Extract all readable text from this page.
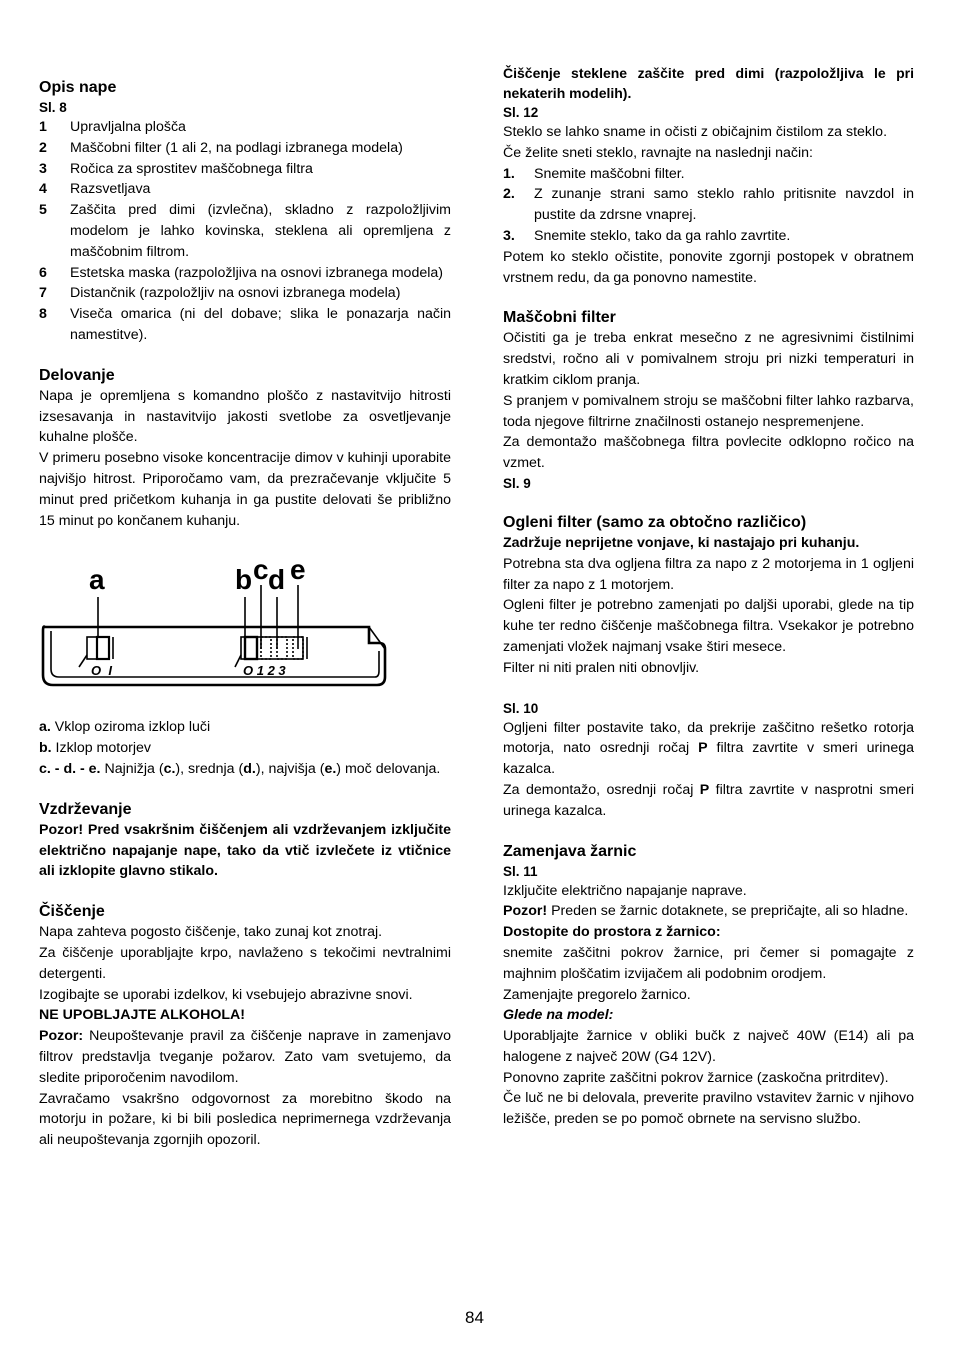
Opis nape
Sl. 8
1	Upravljalna plošča
2	Maščobni filter (1 ali 2, na podlagi izbranega modela)
3	Ročica za sprostitev maščobnega filtra
4	Razsvetljava
5	Zaščita pred dimi (izvlečna), skladno z razpoložljivim modelom je lahko kovinska, steklena ali opremljena z maščobnim filtrom.
6	Estetska maska (razpoložljiva na osnovi izbranega modela)
7	Distančnik (razpoložljiv na osnovi izbranega modela)
8	Viseča omarica (ni del dobave; slika le ponazarja način namestitve).
Delovanje

Napa je opremljena s komandno ploščo z nastavitvijo hitrosti izsesavanja in nastavitvijo jakosti svetlobe za osvetljevanje kuhalne plošče.

V primeru posebno visoke koncentracije dimov v kuhinji uporabite najvišjo hitrost. Priporočamo vam, da prezračevanje vključite 5 minut pred pričetkom kuhanja in ga pustite delovati še približno 15 minut po končanem kuhanju.

a	b c d e
O  I	O 1 2 3

a. Vklop oziroma izklop luči

b. Izklop motorjev

c. - d. - e. Najnižja (c.), srednja (d.), najvišja (e.) moč delovanja.

Vzdrževanje

Pozor! Pred vsakršnim čiščenjem ali vzdrževanjem izključite električno napajanje nape, tako da vtič izvlečete iz vtičnice ali izklopite glavno stikalo.

Čiščenje

Napa zahteva pogosto čiščenje, tako zunaj kot znotraj.

Za čiščenje uporabljajte krpo, navlaženo s tekočimi nevtralnimi detergenti.

Izogibajte se uporabi izdelkov, ki vsebujejo abrazivne snovi.

NE UPOBLJAJTE ALKOHOLA!

Pozor: Neupoštevanje pravil za čiščenje naprave in zamenjavo filtrov predstavlja tveganje požarov. Zato vam svetujemo, da sledite priporočenim navodilom.

Zavračamo vsakršno odgovornost za morebitno škodo na motorju in požare, ki bi bili posledica neprimernega vzdrževanja ali neupoštevanja zgornjih opozoril.

Čiščenje steklene zaščite pred dimi (razpoložljiva le pri nekaterih modelih).

Sl. 12

Steklo se lahko sname in očisti z običajnim čistilom za steklo.

Če želite sneti steklo, ravnajte na naslednji način:

1.	Snemite maščobni filter.
2.	Z zunanje strani samo steklo rahlo pritisnite navzdol in pustite da zdrsne vnaprej.
3.	Snemite steklo, tako da ga rahlo zavrtite.

Potem ko steklo očistite, ponovite zgornji postopek v obratnem vrstnem redu, da ga ponovno namestite.

Maščobni filter

Očistiti ga je treba enkrat mesečno z ne agresivnimi čistilnimi sredstvi, ročno ali v pomivalnem stroju pri nizki temperaturi in kratkim ciklom pranja.

S pranjem v pomivalnem stroju se maščobni filter lahko razbarva, toda njegove filtrirne značilnosti ostanejo nespremenjene.

Za demontažo maščobnega filtra povlecite odklopno ročico na vzmet.

Sl. 9
Ogleni filter (samo za obtočno različico)

Zadržuje neprijetne vonjave, ki nastajajo pri kuhanju.

Potrebna sta dva ogljena filtra za napo z 2 motorjema in 1 ogljeni filter za napo z 1 motorjem.

Ogleni filter je potrebno zamenjati po daljši uporabi, glede na tip kuhe ter redno čiščenje maščobnega filtra. Vsekakor je potrebno zamenjati vložek najmanj vsake štiri mesece.

Filter ni niti pralen niti obnovljiv.

Sl. 10

Ogljeni filter postavite tako, da prekrije zaščitno rešetko rotorja motorja, nato osrednji ročaj P filtra zavrtite v smeri urinega kazalca.

Za demontažo, osrednji ročaj P filtra zavrtite v nasprotni smeri urinega kazalca.

Zamenjava žarnic
Sl. 11

Izključite električno napajanje naprave.

Pozor! Preden se žarnic dotaknete, se prepričajte, ali so hladne.

Dostopite do prostora z žarnico:

snemite zaščitni pokrov žarnice, pri čemer si pomagajte z majhnim ploščatim izvijačem ali podobnim orodjem.

Zamenjajte pregorelo žarnico.

Glede na model:

Uporabljajte žarnice v obliki bučk z največ 40W (E14) ali pa halogene z največ 20W (G4 12V).

Ponovno zaprite zaščitni pokrov žarnice (zaskočna pritrditev).

Če luč ne bi delovala, preverite pravilno vstavitev žarnic v njihovo ležišče, preden se po pomoč obrnete na servisno službo.

84
